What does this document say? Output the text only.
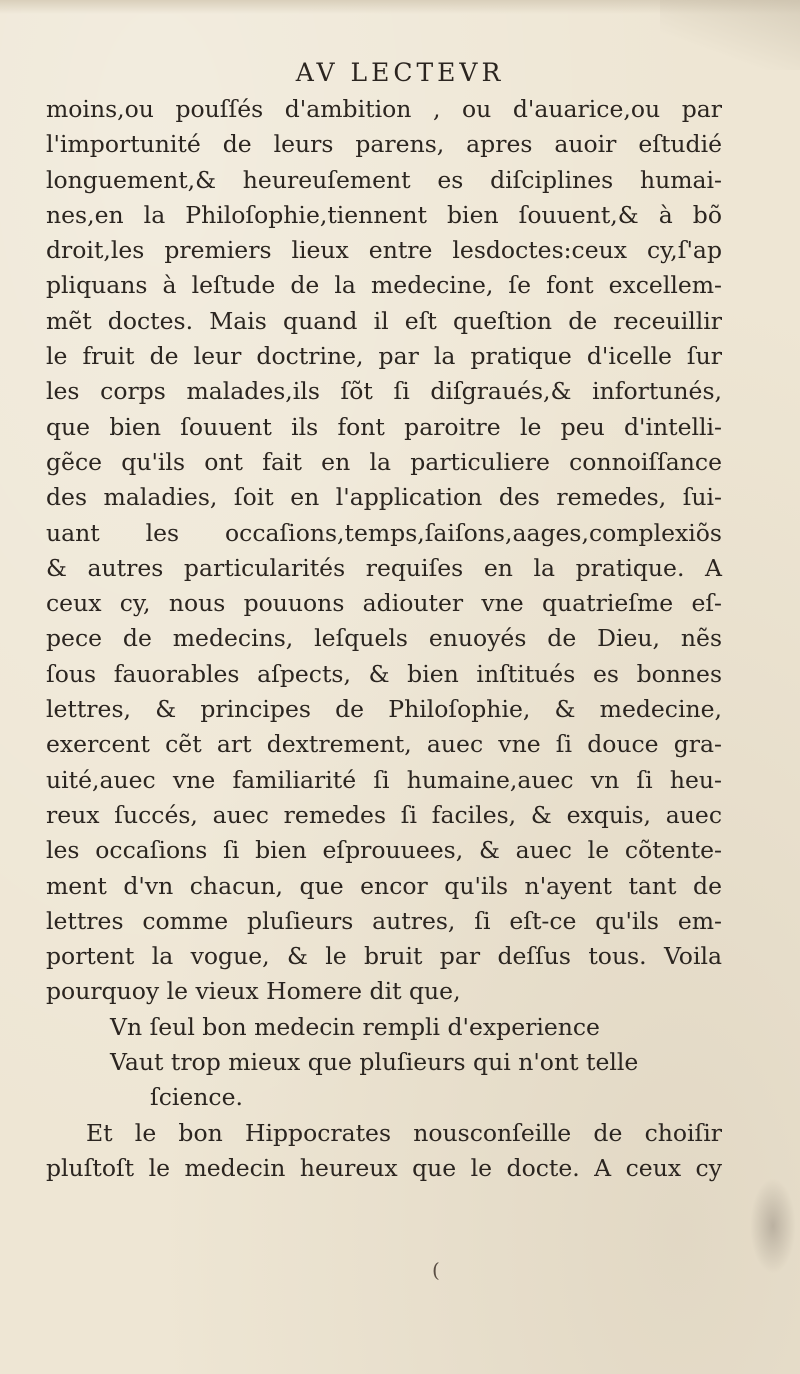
AV LECTEVR
moins,ou pouſſés d'ambition , ou d'auarice,ou par
l'importunité de leurs parens, apres auoir eſtudié
longuement,& heureuſement es diſciplines humai-
nes,en la Philoſophie,tiennent bien ſouuent,& à bõ
droit,les premiers lieux entre lesdoctes:ceux cy,ſ'ap
pliquans à leſtude de la medecine, ſe font excellem-
mẽt doctes. Mais quand il eſt queſtion de receuillir
le fruit de leur doctrine, par la pratique d'icelle ſur
les corps malades,ils ſõt ſi diſgraués,& infortunés,
que bien ſouuent ils font paroitre le peu d'intelli-
gẽce qu'ils ont fait en la particuliere connoiſſance
des maladies, ſoit en l'application des remedes, ſui-
uant les occaſions,temps,ſaiſons,aages,complexiõs
& autres particularités requiſes en la pratique. A
ceux cy, nous pouuons adiouter vne quatrieſme eſ-
pece de medecins, leſquels enuoyés de Dieu, nẽs
ſous fauorables aſpects, & bien inſtitués es bonnes
lettres, & principes de Philoſophie, & medecine,
exercent cẽt art dextrement, auec vne ſi douce gra-
uité,auec vne familiarité ſi humaine,auec vn ſi heu-
reux ſuccés, auec remedes ſi faciles, & exquis, auec
les occaſions ſi bien eſprouuees, & auec le cõtente-
ment d'vn chacun, que encor qu'ils n'ayent tant de
lettres comme pluſieurs autres, ſi eſt-ce qu'ils em-
portent la vogue, & le bruit par deſſus tous. Voila
pourquoy le vieux Homere dit que,
Vn ſeul bon medecin rempli d'experience
Vaut trop mieux que pluſieurs qui n'ont telle
ſcience.
Et le bon Hippocrates nousconſeille de choiſir
pluſtoſt le medecin heureux que le docte. A ceux cy
(
